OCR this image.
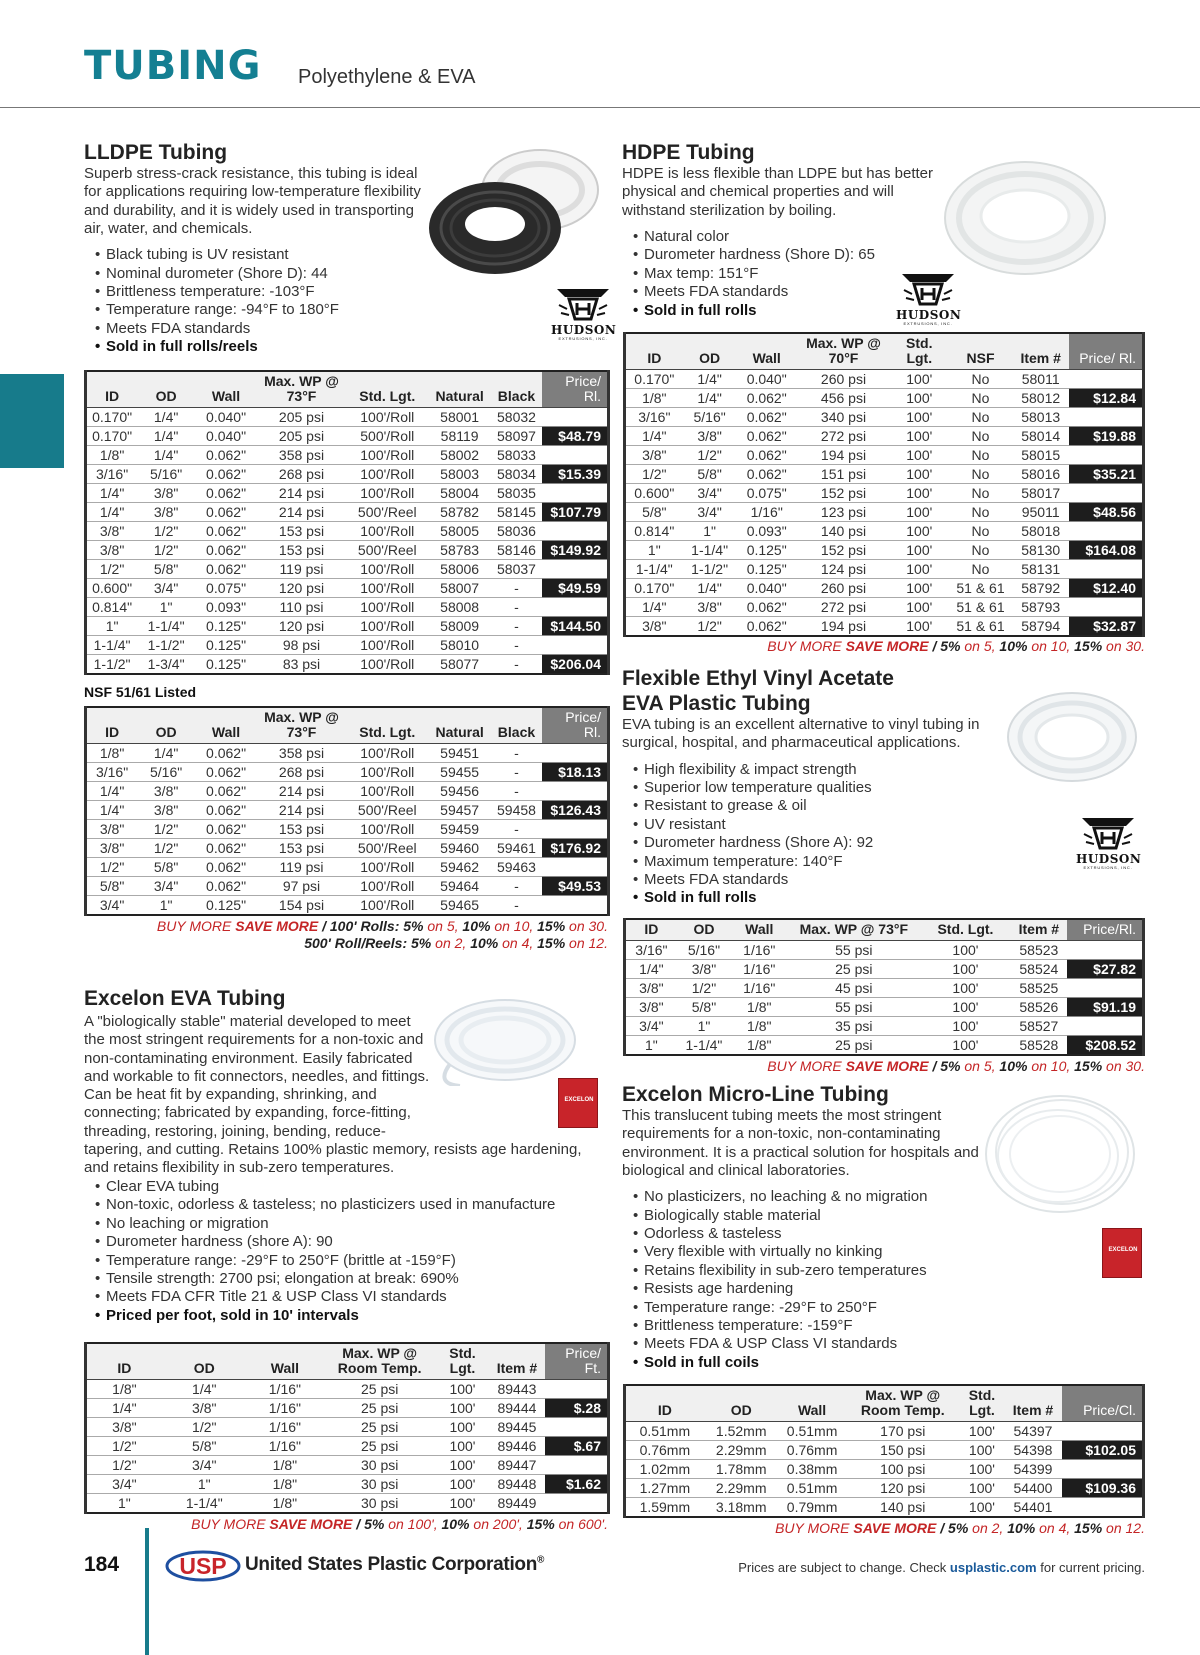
TUBING Polyethylene & EVA
LLDPE Tubing
Superb stress-crack resistance, this tubing is ideal for applications requiring low-temperature flexibility and durability, and it is widely used in transporting air, water, and chemicals.
• Black tubing is UV resistant
• Nominal durometer (Shore D): 44
• Brittleness temperature: -103°F
• Temperature range: -94°F to 180°F
• Meets FDA standards
• Sold in full rolls/reels
HUDSON
EXTRUSIONS, INC.
ID	OD	Wall	Max. WP @ 73°F	Std. Lgt.	Natural	Black	Price/ Rl.
0.170"	1/4"	0.040"	205 psi	100'/Roll	58001	58032	$9.62
0.170"	1/4"	0.040"	205 psi	500'/Roll	58119	58097	$48.79
1/8"	1/4"	0.062"	358 psi	100'/Roll	58002	58033	$11.61
3/16"	5/16"	0.062"	268 psi	100'/Roll	58003	58034	$15.39
1/4"	3/8"	0.062"	214 psi	100'/Roll	58004	58035	$19.44
1/4"	3/8"	0.062"	214 psi	500'/Reel	58782	58145	$107.79
3/8"	1/2"	0.062"	153 psi	100'/Roll	58005	58036	$27.07
3/8"	1/2"	0.062"	153 psi	500'/Reel	58783	58146	$149.92
1/2"	5/8"	0.062"	119 psi	100'/Roll	58006	58037	$33.99
0.600"	3/4"	0.075"	120 psi	100'/Roll	58007	-	$49.59
0.814"	1"	0.093"	110 psi	100'/Roll	58008	-	$88.81
1"	1-1/4"	0.125"	120 psi	100'/Roll	58009	-	$144.50
1-1/4"	1-1/2"	0.125"	98 psi	100'/Roll	58010	-	$175.97
1-1/2"	1-3/4"	0.125"	83 psi	100'/Roll	58077	-	$206.04
NSF 51/61 Listed
ID	OD	Wall	Max. WP @ 73°F	Std. Lgt.	Natural	Black	Price/ Rl.
1/8"	1/4"	0.062"	358 psi	100'/Roll	59451	-	$13.60
3/16"	5/16"	0.062"	268 psi	100'/Roll	59455	-	$18.13
1/4"	3/8"	0.062"	214 psi	100'/Roll	59456	-	$22.78
1/4"	3/8"	0.062"	214 psi	500'/Reel	59457	59458	$126.43
3/8"	1/2"	0.062"	153 psi	100'/Roll	59459	-	$31.94
3/8"	1/2"	0.062"	153 psi	500'/Reel	59460	59461	$176.92
1/2"	5/8"	0.062"	119 psi	100'/Roll	59462	59463	$40.24
5/8"	3/4"	0.062"	97 psi	100'/Roll	59464	-	$49.53
3/4"	1"	0.125"	154 psi	100'/Roll	59465	-	$135.29
BUY MORE SAVE MORE / 100' Rolls: 5% on 5, 10% on 10, 15% on 30.
500' Roll/Reels: 5% on 2, 10% on 4, 15% on 12.
Excelon EVA Tubing
A "biologically stable" material developed to meet the most stringent requirements for a non-toxic and non-contaminating environment. Easily fabricated and workable to fit connectors, needles, and fittings. Can be heat fit by expanding, shrinking, and connecting; fabricated by expanding, force-fitting, threading, restoring, joining, bending, reduce-tapering, and cutting. Retains 100% plastic memory, resists age hardening, and retains flexibility in sub-zero temperatures.
• Clear EVA tubing
• Non-toxic, odorless & tasteless; no plasticizers used in manufacture
• No leaching or migration
• Durometer hardness (shore A): 90
• Temperature range: -29°F to 250°F (brittle at -159°F)
• Tensile strength: 2700 psi; elongation at break: 690%
• Meets FDA CFR Title 21 & USP Class VI standards
• Priced per foot, sold in 10' intervals
EXCELON
ID	OD	Wall	Max. WP @ Room Temp.	Std. Lgt.	Item #	Price/ Ft.
1/8"	1/4"	1/16"	25 psi	100'	89443	$.26
1/4"	3/8"	1/16"	25 psi	100'	89444	$.28
3/8"	1/2"	1/16"	25 psi	100'	89445	$.36
1/2"	5/8"	1/16"	25 psi	100'	89446	$.67
1/2"	3/4"	1/8"	30 psi	100'	89447	$1.18
3/4"	1"	1/8"	30 psi	100'	89448	$1.62
1"	1-1/4"	1/8"	30 psi	100'	89449	$3.35
BUY MORE SAVE MORE / 5% on 100', 10% on 200', 15% on 600'.
HDPE Tubing
HDPE is less flexible than LDPE but has better physical and chemical properties and will withstand sterilization by boiling.
• Natural color
• Durometer hardness (Shore D): 65
• Max temp: 151°F
• Meets FDA standards
• Sold in full rolls	HUDSON
EXTRUSIONS, INC.
ID	OD	Wall	Max. WP @ 70°F	Std. Lgt.	NSF	Item #	Price/ Rl.
0.170"	1/4"	0.040"	260 psi	100'	No	58011	$10.31
1/8"	1/4"	0.062"	456 psi	100'	No	58012	$12.84
3/16"	5/16"	0.062"	340 psi	100'	No	58013	$15.97
1/4"	3/8"	0.062"	272 psi	100'	No	58014	$19.88
3/8"	1/2"	0.062"	194 psi	100'	No	58015	$27.46
1/2"	5/8"	0.062"	151 psi	100'	No	58016	$35.21
0.600"	3/4"	0.075"	152 psi	100'	No	58017	$51.39
5/8"	3/4"	1/16"	123 psi	100'	No	95011	$48.56
0.814"	1"	0.093"	140 psi	100'	No	58018	$90.56
1"	1-1/4"	0.125"	152 psi	100'	No	58130	$164.08
1-1/4"	1-1/2"	0.125"	124 psi	100'	No	58131	$199.57
0.170"	1/4"	0.040"	260 psi	100'	51 & 61	58792	$12.40
1/4"	3/8"	0.062"	272 psi	100'	51 & 61	58793	$23.87
3/8"	1/2"	0.062"	194 psi	100'	51 & 61	58794	$32.87
BUY MORE SAVE MORE / 5% on 5, 10% on 10, 15% on 30.
Flexible Ethyl Vinyl Acetate
EVA Plastic Tubing
EVA tubing is an excellent alternative to vinyl tubing in surgical, hospital, and pharmaceutical applications.
• High flexibility & impact strength
• Superior low temperature qualities
• Resistant to grease & oil
• UV resistant
• Durometer hardness (Shore A): 92
• Maximum temperature: 140°F
• Meets FDA standards
• Sold in full rolls
HUDSON
EXTRUSIONS, INC.
ID	OD	Wall	Max. WP @ 73°F	Std. Lgt.	Item #	Price/Rl.
3/16"	5/16"	1/16"	55 psi	100'	58523	$22.26
1/4"	3/8"	1/16"	25 psi	100'	58524	$27.82
3/8"	1/2"	1/16"	45 psi	100'	58525	$39.02
3/8"	5/8"	1/8"	55 psi	100'	58526	$91.19
3/4"	1"	1/8"	35 psi	100'	58527	$163.93
1"	1-1/4"	1/8"	25 psi	100'	58528	$208.52
BUY MORE SAVE MORE / 5% on 5, 10% on 10, 15% on 30.
Excelon Micro-Line Tubing
This translucent tubing meets the most stringent requirements for a non-toxic, non-contaminating environment. It is a practical solution for hospitals and biological and clinical laboratories.
• No plasticizers, no leaching & no migration
• Biologically stable material
• Odorless & tasteless
• Very flexible with virtually no kinking
• Retains flexibility in sub-zero temperatures
• Resists age hardening
• Temperature range: -29°F to 250°F
• Brittleness temperature: -159°F
• Meets FDA & USP Class VI standards
• Sold in full coils
EXCELON
ID	OD	Wall	Max. WP @ Room Temp.	Std. Lgt.	Item #	Price/Cl.
0.51mm	1.52mm	0.51mm	170 psi	100'	54397	$91.05
0.76mm	2.29mm	0.76mm	150 psi	100'	54398	$102.05
1.02mm	1.78mm	0.38mm	100 psi	100'	54399	$102.21
1.27mm	2.29mm	0.51mm	120 psi	100'	54400	$109.36
1.59mm	3.18mm	0.79mm	140 psi	100'	54401	$148.72
BUY MORE SAVE MORE / 5% on 2, 10% on 4, 15% on 12.
184	USP United States Plastic Corporation®	Prices are subject to change. Check usplastic.com for current pricing.
